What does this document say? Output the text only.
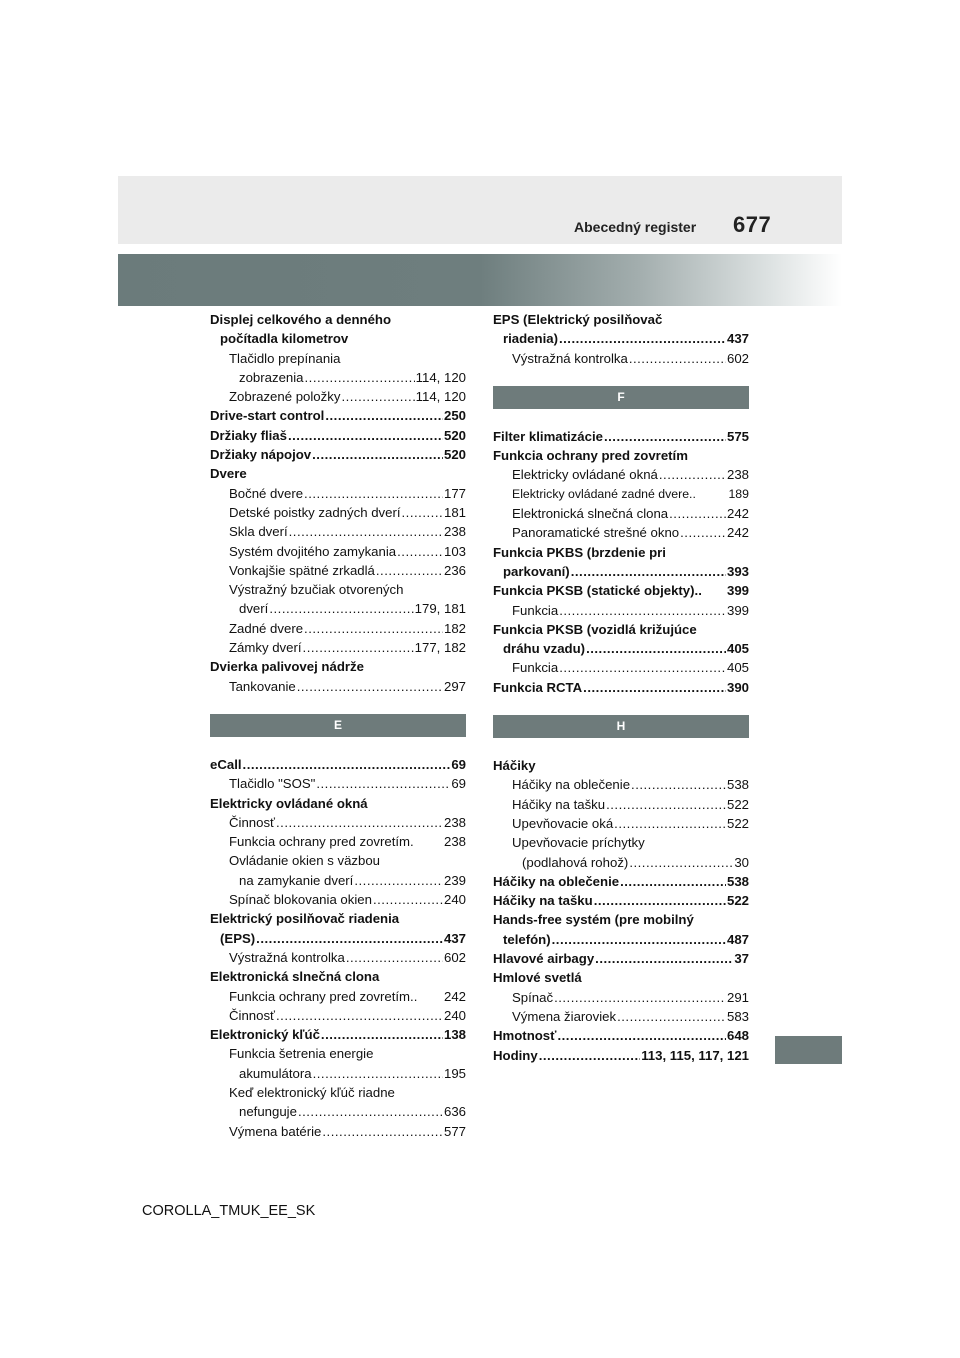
Abecedný register 677
Displej celkového a denného
počítadla kilometrov
Tlačidlo prepínania
zobrazenia .....	114, 120
Zobrazené položky .....	114, 120
Drive-start control .....	250
Držiaky fliaš .....	520
Držiaky nápojov .....	520
Dvere
Bočné dvere .....	177
Detské poistky zadných dverí .....	181
Skla dverí .....	238
Systém dvojitého zamykania .....	103
Vonkajšie spätné zrkadlá .....	236
Výstražný bzučiak otvorených
dverí .....	179, 181
Zadné dvere .....	182
Zámky dverí .....	177, 182
Dvierka palivovej nádrže
Tankovanie .....	297
E
eCall .....	69
Tlačidlo "SOS" .....	69
Elektricky ovládané okná
Činnosť .....	238
Funkcia ochrany pred zovretím. 238
Ovládanie okien s väzbou
na zamykanie dverí .....	239
Spínač blokovania okien .....	240
Elektrický posilňovač riadenia
(EPS) .....	437
Výstražná kontrolka .....	602
Elektronická slnečná clona
Funkcia ochrany pred zovretím.. 242
Činnosť .....	240
Elektronický kľúč .....	138
Funkcia šetrenia energie
akumulátora .....	195
Keď elektronický kľúč riadne
nefunguje .....	636
Výmena batérie .....	577
EPS (Elektrický posilňovač
riadenia) .....	437
Výstražná kontrolka .....	602
F
Filter klimatizácie .....	575
Funkcia ochrany pred zovretím
Elektricky ovládané okná .....	238
Elektricky ovládané zadné dvere..	189
Elektronická slnečná clona .....	242
Panoramatické strešné okno .....	242
Funkcia PKBS (brzdenie pri
parkovaní) .....	393
Funkcia PKSB (statické objekty).. 399
Funkcia .....	399
Funkcia PKSB (vozidlá križujúce
dráhu vzadu) .....	405
Funkcia .....	405
Funkcia RCTA .....	390
H
Háčiky
Háčiky na oblečenie .....	538
Háčiky na tašku .....	522
Upevňovacie oká .....	522
Upevňovacie príchytky
(podlahová rohož) .....	30
Háčiky na oblečenie .....	538
Háčiky na tašku .....	522
Hands-free systém (pre mobilný
telefón) .....	487
Hlavové airbagy .....	37
Hmlové svetlá
Spínač .....	291
Výmena žiaroviek .....	583
Hmotnosť .....	648
Hodiny .....	113, 115, 117, 121
COROLLA_TMUK_EE_SK
